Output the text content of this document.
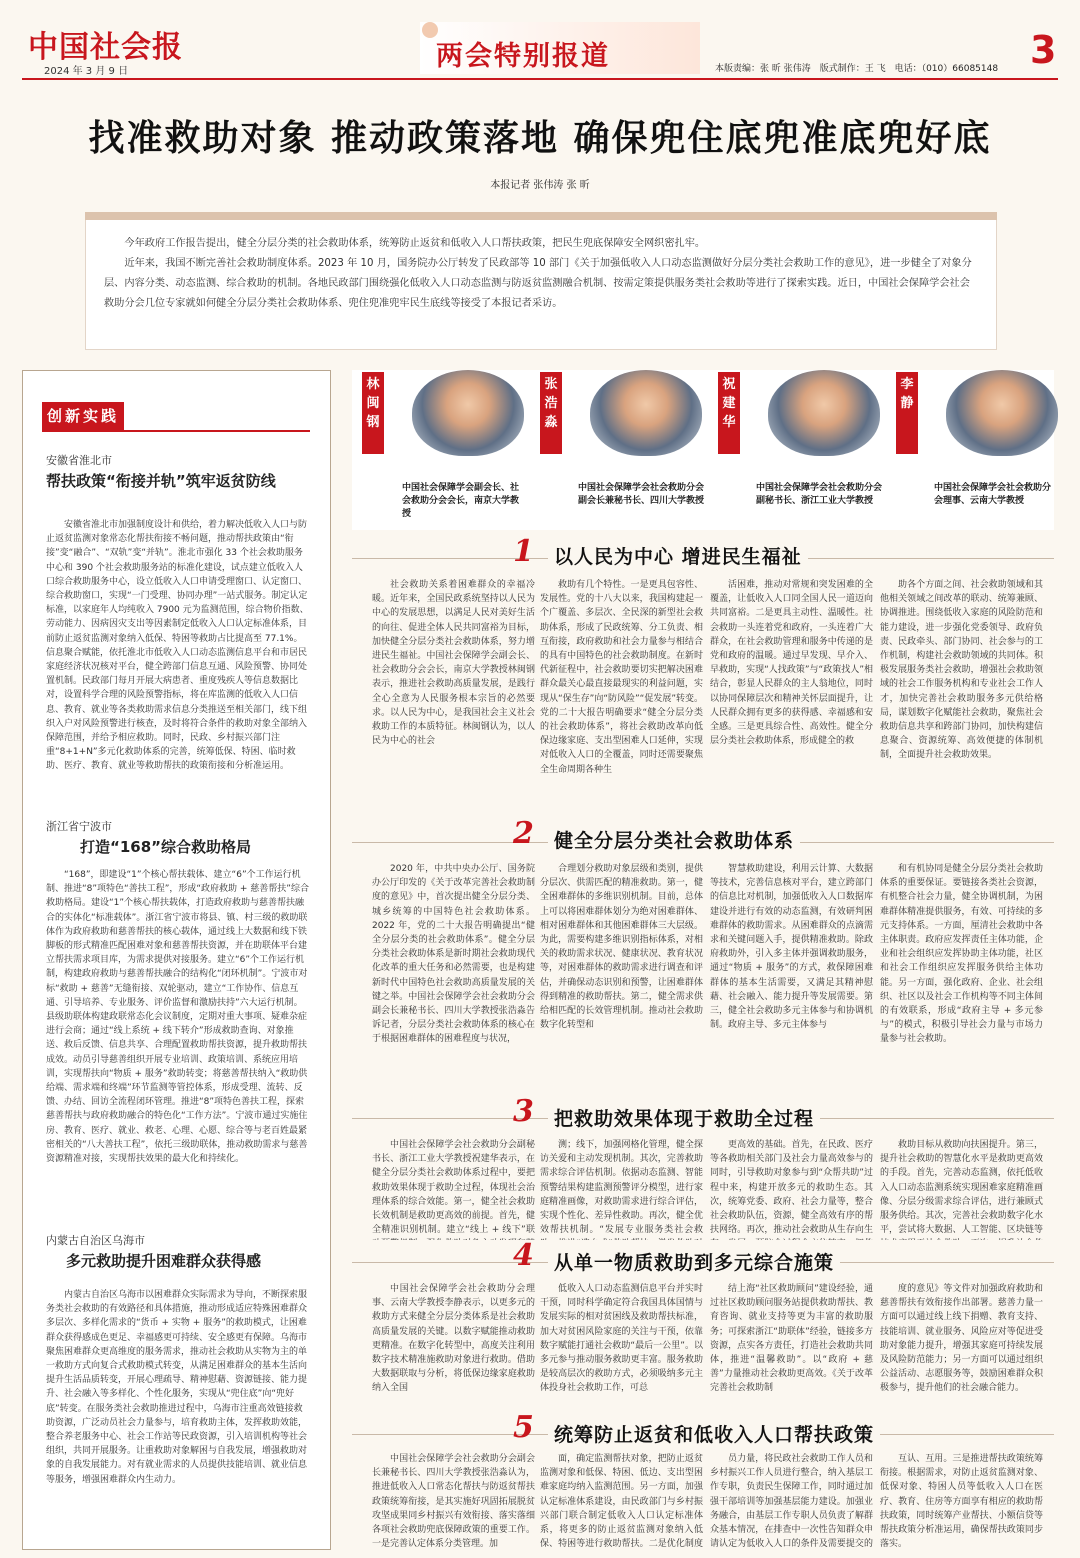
中国社会报
2024 年 3 月 9 日	两会特别报道	本版责编：张 昕 张伟涛　版式制作：王 飞　电话：（010）66085148 3
找准救助对象 推动政策落地 确保兜住底兜准底兜好底
本报记者 张伟涛 张 昕

今年政府工作报告提出，健全分层分类的社会救助体系，统筹防止返贫和低收入人口帮扶政策，把民生兜底保障安全网织密扎牢。

近年来，我国不断完善社会救助制度体系。2023 年 10 月，国务院办公厅转发了民政部等 10 部门《关于加强低收入人口动态监测做好分层分类社会救助工作的意见》，进一步健全了对象分层、内容分类、动态监测、综合救助的机制。各地民政部门围绕强化低收入人口动态监测与防返贫监测融合机制、按需定策提供服务类社会救助等进行了探索实践。近日，中国社会保障学会社会救助分会几位专家就如何健全分层分类社会救助体系、兜住兜准兜牢民生底线等接受了本报记者采访。

创新实践
安徽省淮北市
帮扶政策“衔接并轨”筑牢返贫防线
安徽省淮北市加强制度设计和供给，着力解决低收入人口与防止返贫监测对象常态化帮扶衔接不畅问题，推动帮扶政策由“衔接”变“融合”、“双轨”变“并轨”。淮北市强化 33 个社会救助服务中心和 390 个社会救助服务站的标准化建设，试点建立低收入人口综合救助服务中心，设立低收入人口申请受理窗口、认定窗口、综合救助窗口，实现“一门受理、协同办理”一站式服务。制定认定标准，以家庭年人均纯收入 7900 元为监测范围，综合物价指数、劳动能力、因病因灾支出等因素制定低收入人口认定标准体系，目前防止返贫监测对象纳入低保、特困等救助占比提高至 77.1%。信息聚合赋能，依托淮北市低收入人口动态监测信息平台和市居民家庭经济状况核对平台，健全跨部门信息互通、风险预警、协同处置机制。民政部门每月开展大病患者、重度残疾人等信息数据比对，设置科学合理的风险预警指标，将在库监测的低收入人口信息、教育、就业等各类救助需求信息分类推送至相关部门，线下组织入户对风险预警进行核查，及时将符合条件的救助对象全部纳入保障范围，并给予相应救助。同时，民政、乡村振兴部门注重“8+1+N”多元化救助体系的完善，统筹低保、特困、临时救助、医疗、教育、就业等救助帮扶的政策衔接和分析准运用。
浙江省宁波市
打造“168”综合救助格局
“168”，即建设“1”个核心帮扶载体、建立“6”个工作运行机制、推进“8”项特色“善扶工程”，形成“政府救助 + 慈善帮扶”综合救助格局。建设“1”个核心帮扶载体，打造政府救助与慈善帮扶融合的实体化“标准载体”。浙江省宁波市将县、镇、村三级的救助联体作为政府救助和慈善帮扶的核心载体，通过线上大数据和线下铁脚板的形式精准匹配困难对象和慈善帮扶资源，并在助联体平台建立帮扶需求项目库，为需求提供对接服务。建立“6”个工作运行机制，构建政府救助与慈善帮扶融合的结构化“闭环机制”。宁波市对标“救助 + 慈善”无缝衔接、双轮驱动，建立“工作协作、信息互通、引导培养、专业服务、评价监督和激励扶持”六大运行机制。县级助联体构建政联常态化会议制度，定期对重大事项、疑难杂症进行会商；通过“线上系统 + 线下转介”形成救助查询、对象推送、救后反馈、信息共享、合理配置救助帮扶资源，提升救助帮扶成效。动员引导慈善组织开展专业培训、政策培训、系统应用培训，实现帮扶向“物质 + 服务”救助转变；将慈善帮扶纳入“救助供给端、需求端和终端”环节监测等管控体系，形成受理、流转、反馈、办结、回访全流程闭环管理。推进“8”项特色善扶工程，探索慈善帮扶与政府救助融合的特色化“工作方法”。宁波市通过实施住房、教育、医疗、就业、救老、心理、心愿、综合等与老百姓最紧密相关的“八大善扶工程”，依托三级助联体，推动救助需求与慈善资源精准对接，实现帮扶效果的最大化和持续化。
内蒙古自治区乌海市
多元救助提升困难群众获得感
内蒙古自治区乌海市以困难群众实际需求为导向，不断探索服务类社会救助的有效路径和具体措施，推动形成适应特殊困难群众多层次、多样化需求的“货币 + 实物 + 服务”的救助模式，让困难群众获得感成色更足、幸福感更可持续、安全感更有保障。乌海市聚焦困难群众更高维度的服务需求，推动社会救助从实物为主的单一救助方式向复合式救助模式转变，从满足困难群众的基本生活向提升生活品质转变，开展心理疏导、精神慰藉、资源链接、能力提升、社会融入等多样化、个性化服务，实现从“兜住底”向“兜好底”转变。在服务类社会救助推进过程中，乌海市注重高效链接救助资源，广泛动员社会力量参与，培育救助主体，发挥救助效能，整合养老服务中心、社会工作站等民政资源，引入培训机构等社会组织，共同开展服务。让重救助对象解困与自我发展，增强救助对象的自我发展能力。对有就业需求的人员提供技能培训、就业信息等服务，增强困难群众内生动力。
林闽钢
中国社会保障学会副会长、社会救助分会会长，南京大学教授
张浩淼
中国社会保障学会社会救助分会副会长兼秘书长、四川大学教授
祝建华
中国社会保障学会社会救助分会副秘书长、浙江工业大学教授
李 静
中国社会保障学会社会救助分会理事、云南大学教授
1	以人民为中心 增进民生福祉
社会救助关系着困难群众的幸福冷暖。近年来，全国民政系统坚持以人民为中心的发展思想，以满足人民对美好生活的向往、促进全体人民共同富裕为目标，加快健全分层分类社会救助体系，努力增进民生福祉。中国社会保障学会副会长、社会救助分会会长，南京大学教授林闽钢表示，推进社会救助高质量发展，是践行全心全意为人民服务根本宗旨的必然要求。以人民为中心，是我国社会主义社会救助工作的本质特征。林闽钢认为，以人民为中心的社会
救助有几个特性。一是更具包容性、发展性。党的十八大以来，我国构建起一个广覆盖、多层次、全民深的新型社会救助体系，形成了民政统筹、分工负责、相互衔接，政府救助和社会力量参与相结合的具有中国特色的社会救助制度。在新时代新征程中，社会救助要切实把解决困难群众最关心最直接最现实的利益问题，实现从“保生存”向“防风险”“促发展”转变。党的二十大报告明确要求“健全分层分类的社会救助体系”，将社会救助改革向低保边缘家庭、支出型困难人口延伸，实现对低收入人口的全覆盖，同时还需要聚焦全生命周期各种生
活困难，推动对常规和突发困难的全覆盖，让低收入人口同全国人民一道迈向共同富裕。二是更具主动性、温暖性。社会救助一头连着党和政府，一头连着广大群众，在社会救助管理和服务中传递的是党和政府的温暖。通过早发现、早介入、早救助，实现“人找政策”与“政策找人”相结合，彰显人民群众的主人翁地位，同时以协同保障层次和精神关怀层面提升，让人民群众拥有更多的获得感、幸福感和安全感。三是更具综合性、高效性。健全分层分类社会救助体系，形成健全的救
助各个方面之间、社会救助领域和其他相关领域之间改革的联动、统筹兼顾、协调推进。围绕低收入家庭的风险防范和能力建设，进一步强化党委领导、政府负责、民政牵头、部门协同、社会参与的工作机制，构建社会救助领域的共同体。积极发展服务类社会救助，增强社会救助领域的社会工作服务机构和专业社会工作人才，加快完善社会救助服务多元供给格局，谋划数字化赋能社会救助，聚焦社会救助信息共享和跨部门协同，加快构建信息聚合、资源统筹、高效便捷的体制机制，全面提升社会救助效果。
2	健全分层分类社会救助体系
2020 年，中共中央办公厅、国务院办公厅印发的《关于改革完善社会救助制度的意见》中，首次提出健全分层分类、城乡统筹的中国特色社会救助体系。2022 年，党的二十大报告明确提出“健全分层分类的社会救助体系”。健全分层分类社会救助体系是新时期社会救助现代化改革的重大任务和必然需要，也是构建新时代中国特色社会救助高质量发展的关键之举。中国社会保障学会社会救助分会副会长兼秘书长、四川大学教授张浩淼告诉记者，分层分类社会救助体系的核心在于根据困难群体的困难程度与状况，
合理划分救助对象层级和类别，提供分层次、供需匹配的精准救助。第一，健全困难群体的多维识别机制。目前，总体上可以将困难群体划分为绝对困难群体、相对困难群体和其他困难群体三大层级。为此，需要构建多维识别指标体系，对相关的救助需求状况、健康状况、教育状况等，对困难群体的救助需求进行调查和评估，并确保动态识别和预警，让困难群体得到精准的救助帮扶。第二，健全需求供给相匹配的长效管理机制。推动社会救助数字化转型和
智慧救助建设，利用云计算、大数据等技术，完善信息核对平台，建立跨部门的信息比对机制，加强低收入人口数据库建设并进行有效的动态监测，有效研判困难群体的救助需求。从困难群众的点滴需求和关键问题入手，提供精准救助。除政府救助外，引入多主体并强调救助服务，通过“物质 + 服务”的方式，救保障困难群体的基本生活需要，又满足其精神慰藉、社会融入、能力提升等发展需要。第三，健全社会救助多元主体参与和协调机制。政府主导、多元主体参与
和有机协同是健全分层分类社会救助体系的重要保证。要链接各类社会资源，有机整合社会力量，健全协调机制，为困难群体精准提供服务，有效、可持续的多元支持体系。一方面，厘清社会救助中各主体职责。政府应发挥责任主体功能，企业和社会组织应发挥协助主体功能，社区和社会工作组织应发挥服务供给主体功能。另一方面，强化政府、企业、社会组织、社区以及社会工作机构等不同主体间的有效联系，形成“政府主导 + 多元参与”的模式，积极引导社会力量与市场力量参与社会救助。
3	把救助效果体现于救助全过程
中国社会保障学会社会救助分会副秘书长、浙江工业大学教授祝建华表示，在健全分层分类社会救助体系过程中，要把救助效果体现于救助全过程，体现社会治理体系的综合效能。第一，健全社会救助长效机制是救助更高效的前提。首先，健全精准识别机制。建立“线上 + 线下”联
测；线下，加强网格化管理，健全探访关爱和主动发现机制。其次，完善救助需求综合评估机制。依据动态监测、智能预警结果构建监测预警评分模型，进行家庭精准画像，对救助需求进行综合评估，实现个性化、差异性救助。再次，健全优效帮扶机制。“发展专业服务类社会救
更高效的基础。首先，在民政、医疗等各救助相关部门及社会力量高效参与的同时，引导救助对象参与到“众帮共助”过程中来，构建开放多元的救助生态。其次，统筹党委、政府、社会力量等，整合社会救助队伍，资源，健全高效有序的帮扶网络。再次，推动社会救助从生存向生
救助目标从救助向扶困提升。第三，提升社会救助的智慧化水平是救助更高效的手段。首先，完善动态监测，依托低收入人口动态监测系统实现困难家庭精准画像、分层分级需求综合评估，进行兼顾式服务供给。其次，完善社会救助数字化水平，尝试将大数据、人工智能、区块链等
4	从单一物质救助到多元综合施策
中国社会保障学会社会救助分会理事、云南大学教授李静表示，以更多元的救助方式来健全分层分类体系是社会救助高质量发展的关键。以数字赋能推动救助更精准。在数字化转型中，高度关注利用数字技术精准施救助对象进行救助。借助大数据联取与分析，将低保边缘家庭救助纳入全国
低收入人口动态监测信息平台并实时干预，同时科学确定符合我国具体国情与发展实际的相对贫困线及救助帮扶标准，加大对贫困风险家庭的关注与干预，依靠数字赋能打通社会救助“最后一公里”。以多元参与推动服务救助更丰富。服务救助是较高层次的救助方式，必须吸纳多元主体投身社会救助工作，可总
结上海“社区救助顾问”建设经验，通过社区救助顾问服务站提供救助帮扶、教育咨询、就业支持等更为丰富的救助服务；可探索浙江“助联体”经验，链接多方资源，点实各方责任，打造社会救助共同体，推进“温馨救助”。以“政府 + 慈善”力量推动社会救助更高效。《关于改革完善社会救助制
度的意见》等文件对加强政府救助和慈善帮扶有效衔接作出部署。慈善力量一方面可以通过线上线下捐赠、教育支持、技能培训、就业服务、风险应对等促进受助对象能力提升，增强其家庭可持续发展及风险防范能力；另一方面可以通过组织公益活动、志愿服务等，鼓励困难群众积极参与，提升他们的社会融合能力。
5	统筹防止返贫和低收入人口帮扶政策
中国社会保障学会社会救助分会副会长兼秘书长、四川大学教授张浩淼认为，推进低收入人口常态化帮扶与防返贫帮扶政策统筹衔接，是其实施好巩固拓展脱贫攻坚成果同乡村振兴有效衔接、落实落细各项社会救助兜底保障政策的重要工作。一是完善认定体系分类管理。加
面，确定监测帮扶对象，把防止返贫监测对象和低保、特困、低边、支出型困难家庭均纳入监测范围。另一方面，加强认定标准体系建设，由民政部门与乡村振兴部门联合制定低收入人口认定标准体系，将更多的防止返贫监测对象纳入低保、特困等进行救助帮扶。二是优化制度
员力量，将民政社会救助工作人员和乡村振兴工作人员进行整合，纳入基层工作专职，负责民生保障工作，同时通过加强干部培训等加强基层能力建设。加强业务融合，由基层工作专职人员负责了解群众基本情况，在排查中一次性告知群众申请认定为低收入人口的条件及需要提交的
互认、互用。三是推进帮扶政策统筹衔接。根据需求，对防止返贫监测对象、低保对象、特困人员等低收入人口在医疗、教育、住房等方面享有相应的救助帮扶政策，同时统筹产业帮扶、小额信贷等帮扶政策分析准运用，确保帮扶政策同步落实。
